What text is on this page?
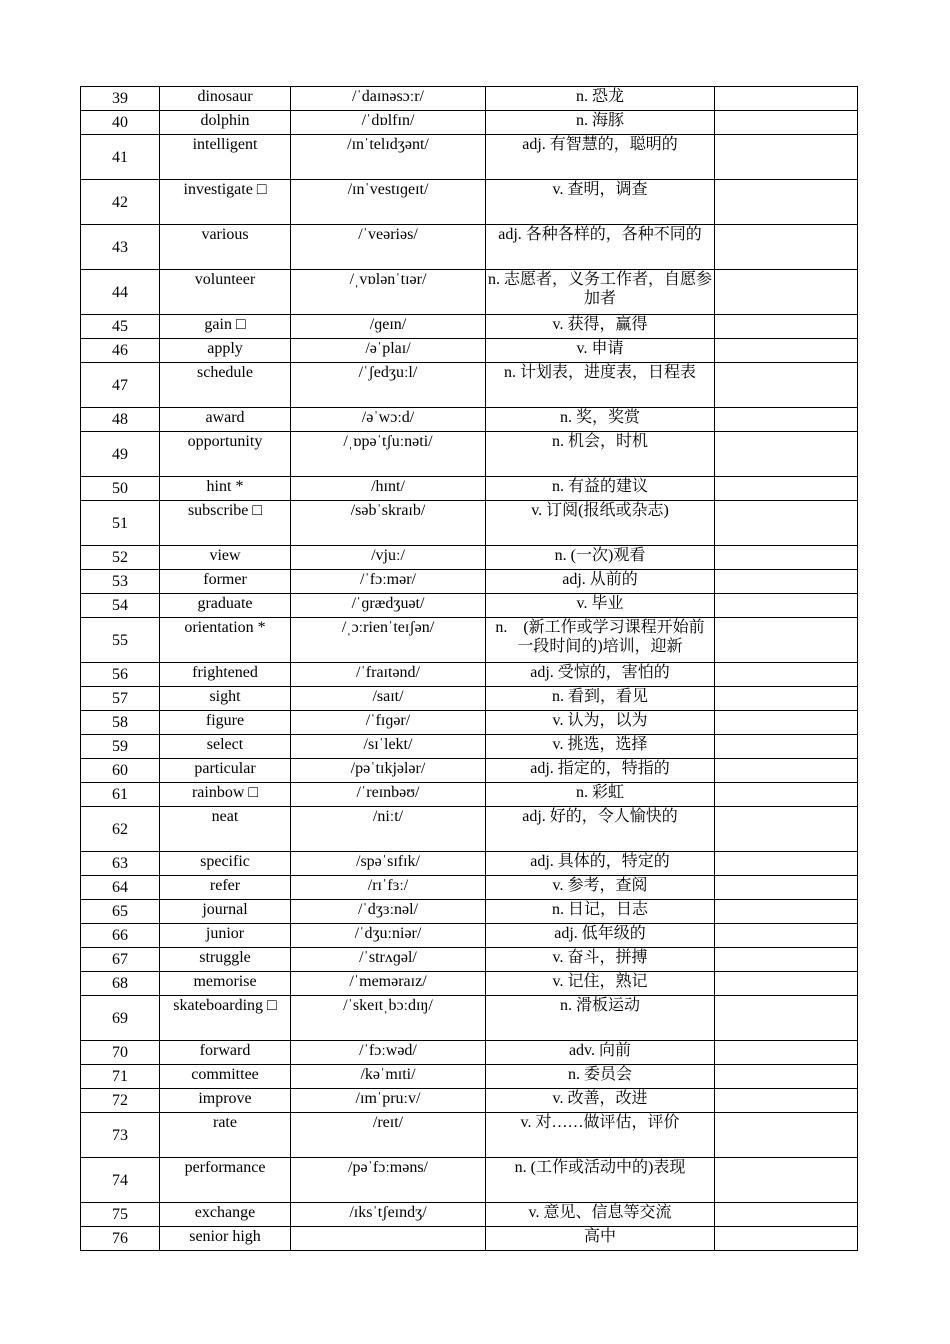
39	dinosaur	/ˈdaɪnəsɔːr/	n. 恐龙	
40	dolphin	/ˈdɒlfɪn/	n. 海豚	
41	intelligent	/ɪnˈtelɪdʒənt/	adj. 有智慧的，聪明的	
42	investigate □	/ɪnˈvestɪɡeɪt/	v. 查明，调查	
43	various	/ˈveəriəs/	adj. 各种各样的，各种不同的	
44	volunteer	/ˌvɒlənˈtɪər/	n. 志愿者，义务工作者，自愿参加者	
45	gain □	/ɡeɪn/	v. 获得，赢得	
46	apply	/əˈplaɪ/	v. 申请	
47	schedule	/ˈʃedʒuːl/	n. 计划表，进度表，日程表	
48	award	/əˈwɔːd/	n. 奖，奖赏	
49	opportunity	/ˌɒpəˈtʃuːnəti/	n. 机会，时机	
50	hint *	/hɪnt/	n. 有益的建议	
51	subscribe □	/səbˈskraɪb/	v. 订阅(报纸或杂志)	
52	view	/vjuː/	n. (一次)观看	
53	former	/ˈfɔːmər/	adj. 从前的	
54	graduate	/ˈɡrædʒuət/	v. 毕业	
55	orientation *	/ˌɔːrienˈteɪʃən/	n.　(新工作或学习课程开始前一段时间的)培训，迎新	
56	frightened	/ˈfraɪtənd/	adj. 受惊的，害怕的	
57	sight	/saɪt/	n. 看到，看见	
58	figure	/ˈfɪɡər/	v. 认为，以为	
59	select	/sɪˈlekt/	v. 挑选，选择	
60	particular	/pəˈtɪkjələr/	adj. 指定的，特指的	
61	rainbow □	/ˈreɪnbəʊ/	n. 彩虹	
62	neat	/niːt/	adj. 好的，令人愉快的	
63	specific	/spəˈsɪfɪk/	adj. 具体的，特定的	
64	refer	/rɪˈfɜː/	v. 参考，查阅	
65	journal	/ˈdʒɜːnəl/	n. 日记，日志	
66	junior	/ˈdʒuːniər/	adj. 低年级的	
67	struggle	/ˈstrʌɡəl/	v. 奋斗，拼搏	
68	memorise	/ˈmeməraɪz/	v. 记住，熟记	
69	skateboarding □	/ˈskeɪtˌbɔːdɪŋ/	n. 滑板运动	
70	forward	/ˈfɔːwəd/	adv. 向前	
71	committee	/kəˈmɪti/	n. 委员会	
72	improve	/ɪmˈpruːv/	v. 改善，改进	
73	rate	/reɪt/	v. 对……做评估，评价	
74	performance	/pəˈfɔːməns/	n. (工作或活动中的)表现	
75	exchange	/ɪksˈtʃeɪndʒ/	v. 意见、信息等交流	
76	senior high		高中	
